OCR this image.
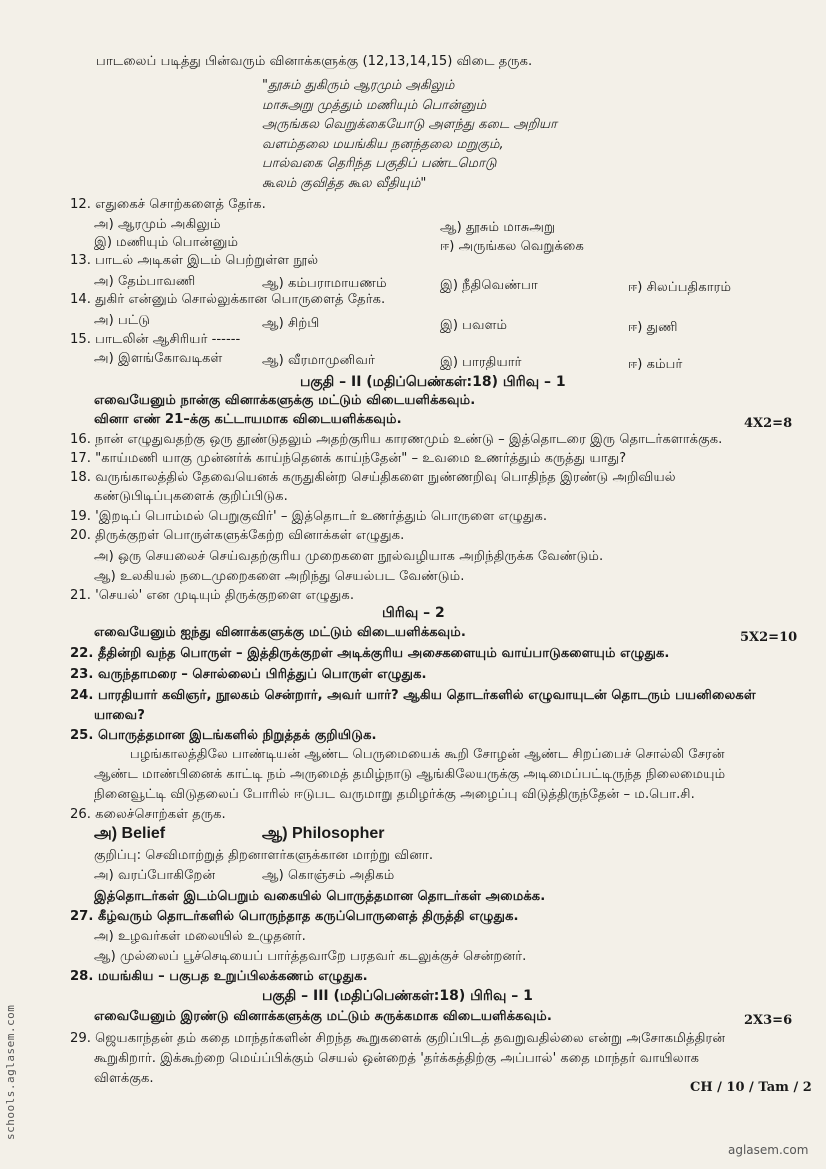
பாடலைப் படித்து பின்வரும் வினாக்களுக்கு (12,13,14,15) விடை தருக.
"தூசும் துகிரும் ஆரமும் அகிலும்
மாசுஅறு முத்தும் மணியும் பொன்னும்
அருங்கல வெறுக்கையோடு அளந்து கடை அறியா
வளம்தலை மயங்கிய நனந்தலை மறுகும்,
பால்வகை தெரிந்த பகுதிப் பண்டமொடு
கூலம் குவித்த கூல வீதியும்"
12. எதுகைச் சொற்களைத் தேர்க.
அ) ஆரமும் அகிலும்	ஆ) தூசும் மாசுஅறு
இ) மணியும் பொன்னும்	ஈ) அருங்கல வெறுக்கை
13. பாடல் அடிகள் இடம் பெற்றுள்ள நூல்
அ) தேம்பாவணி	ஆ) கம்பராமாயணம்	இ) நீதிவெண்பா	ஈ) சிலப்பதிகாரம்
14. துகிர் என்னும் சொல்லுக்கான பொருளைத் தேர்க.
அ) பட்டு	ஆ) சிற்பி	இ) பவளம்	ஈ) துணி
15. பாடலின் ஆசிரியர் ------
அ) இளங்கோவடிகள்	ஆ) வீரமாமுனிவர்	இ) பாரதியார்	ஈ) கம்பர்
பகுதி – II (மதிப்பெண்கள்:18) பிரிவு – 1
எவையேனும் நான்கு வினாக்களுக்கு மட்டும் விடையளிக்கவும்.
வினா எண் 21–க்கு கட்டாயமாக விடையளிக்கவும்.	4X2=8
16. நான் எழுதுவதற்கு ஒரு தூண்டுதலும் அதற்குரிய காரணமும் உண்டு – இத்தொடரை இரு தொடர்களாக்குக.
17. "காய்மணி யாகு முன்னர்க் காய்ந்தெனக் காய்ந்தேன்" – உவமை உணர்த்தும் கருத்து யாது?
18. வருங்காலத்தில் தேவையெனக் கருதுகின்ற செய்திகளை நுண்ணறிவு பொதிந்த இரண்டு அறிவியல்
கண்டுபிடிப்புகளைக் குறிப்பிடுக.
19. 'இறடிப் பொம்மல் பெறுகுவிர்' – இத்தொடர் உணர்த்தும் பொருளை எழுதுக.
20. திருக்குறள் பொருள்களுக்கேற்ற வினாக்கள் எழுதுக.
அ) ஒரு செயலைச் செய்வதற்குரிய முறைகளை நூல்வழியாக அறிந்திருக்க வேண்டும்.
ஆ) உலகியல் நடைமுறைகளை அறிந்து செயல்பட வேண்டும்.
21. 'செயல்' என முடியும் திருக்குறளை எழுதுக.
பிரிவு – 2
எவையேனும் ஐந்து வினாக்களுக்கு மட்டும் விடையளிக்கவும்.	5X2=10
22. தீதின்றி வந்த பொருள் – இத்திருக்குறள் அடிக்குரிய அசைகளையும் வாய்பாடுகளையும் எழுதுக.
23. வருந்தாமரை – சொல்லைப் பிரித்துப் பொருள் எழுதுக.
24. பாரதியார் கவிஞர், நூலகம் சென்றார், அவர் யார்? ஆகிய தொடர்களில் எழுவாயுடன் தொடரும் பயனிலைகள்
யாவை?
25. பொருத்தமான இடங்களில் நிறுத்தக் குறியிடுக.
பழங்காலத்திலே பாண்டியன் ஆண்ட பெருமையைக் கூறி சோழன் ஆண்ட சிறப்பைச் சொல்லி சேரன்
ஆண்ட மாண்பினைக் காட்டி நம் அருமைத் தமிழ்நாடு ஆங்கிலேயருக்கு அடிமைப்பட்டிருந்த நிலைமையும்
நினைவூட்டி விடுதலைப் போரில் ஈடுபட வருமாறு தமிழர்க்கு அழைப்பு விடுத்திருந்தேன் – ம.பொ.சி.
26. கலைச்சொற்கள் தருக.
அ) Belief	ஆ) Philosopher
குறிப்பு: செவிமாற்றுத் திறனாளர்களுக்கான மாற்று வினா.
அ) வரப்போகிறேன்	ஆ) கொஞ்சம் அதிகம்
இத்தொடர்கள் இடம்பெறும் வகையில் பொருத்தமான தொடர்கள் அமைக்க.
27. கீழ்வரும் தொடர்களில் பொருந்தாத கருப்பொருளைத் திருத்தி எழுதுக.
அ) உழவர்கள் மலையில் உழுதனர்.
ஆ) முல்லைப் பூச்செடியைப் பார்த்தவாறே பரதவர் கடலுக்குச் சென்றனர்.
28. மயங்கிய – பகுபத உறுப்பிலக்கணம் எழுதுக.
பகுதி – III (மதிப்பெண்கள்:18) பிரிவு – 1
எவையேனும் இரண்டு வினாக்களுக்கு மட்டும் சுருக்கமாக விடையளிக்கவும்.	2X3=6
29. ஜெயகாந்தன் தம் கதை மாந்தர்களின் சிறந்த கூறுகளைக் குறிப்பிடத் தவறுவதில்லை என்று அசோகமித்திரன்
கூறுகிறார். இக்கூற்றை மெய்ப்பிக்கும் செயல் ஒன்றைத் 'தர்க்கத்திற்கு அப்பால்' கதை மாந்தர் வாயிலாக
விளக்குக.
CH / 10 / Tam / 2
schools.aglasem.com
aglasem.com
